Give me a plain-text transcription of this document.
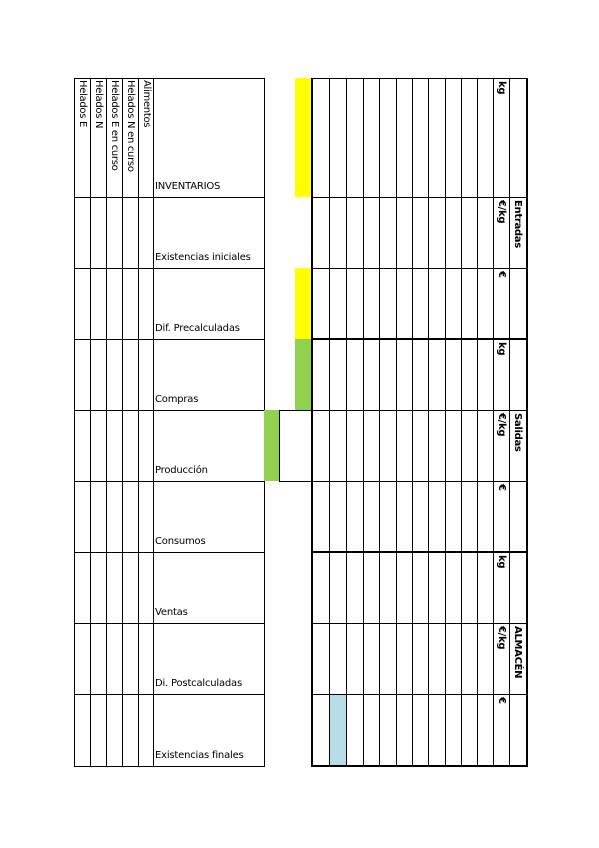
Alimentos
Helados N en curso
Helados E en curso
Helados N
Helados E
INVENTARIOS
Existencias iniciales
Dif. Precalculadas
Compras
Producción
Consumos
Ventas
Di. Postcalculadas
Existencias finales
kg
€/kg
€
Entradas
kg
€/kg
€
Salidas
kg
€/kg
€
ALMACÉN
